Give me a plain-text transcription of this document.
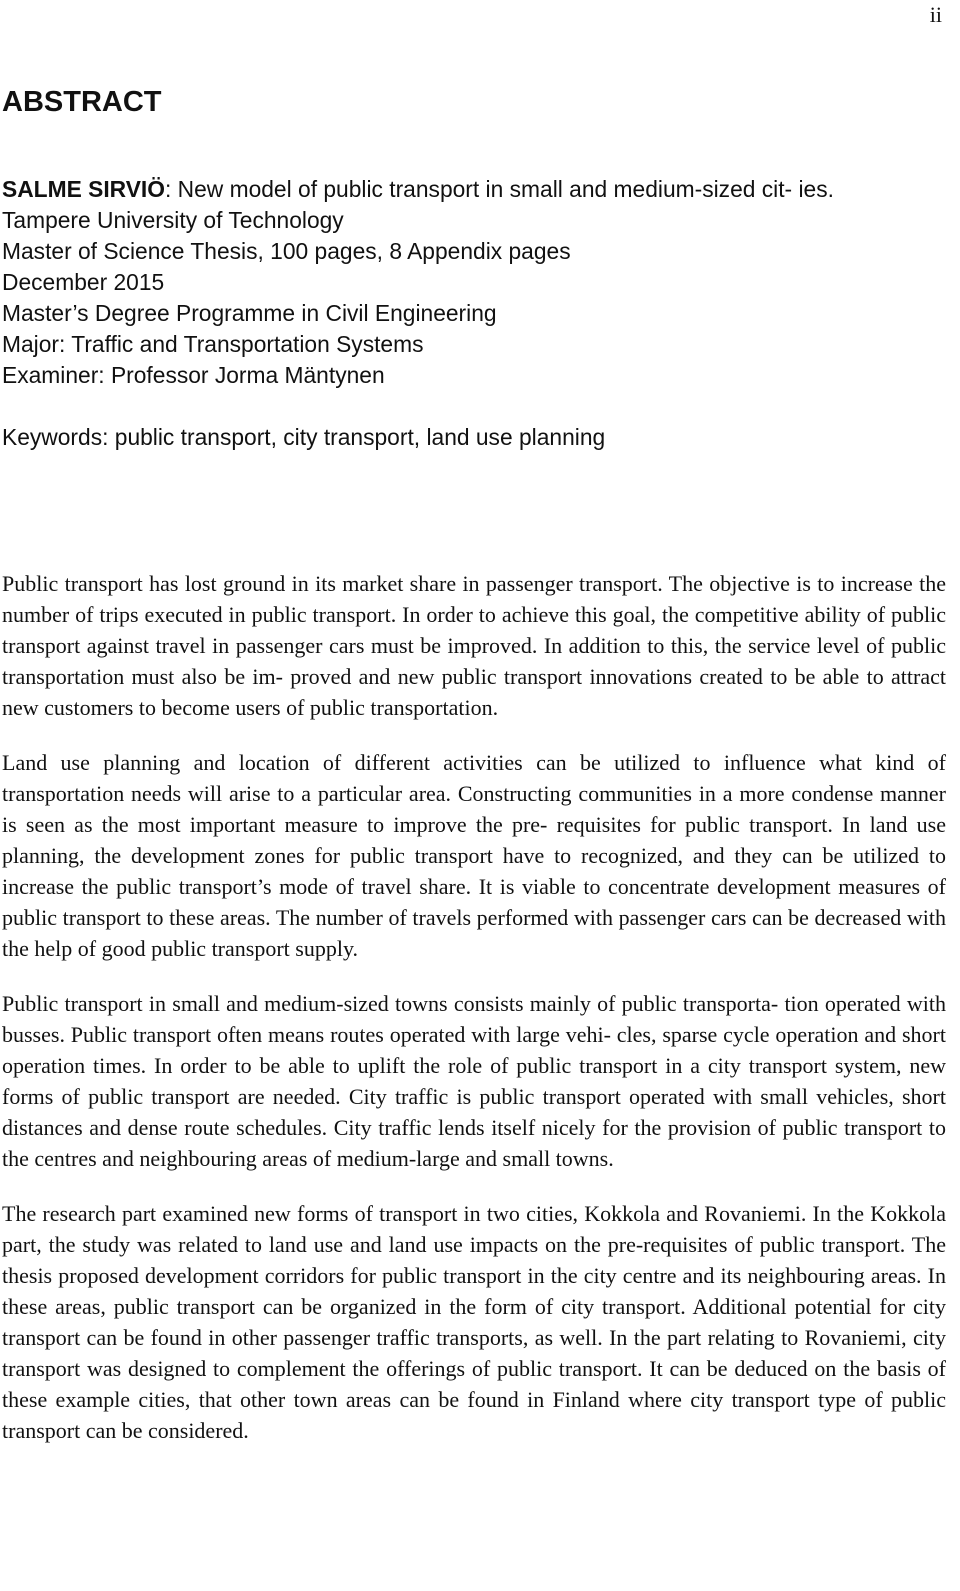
ii
ABSTRACT
SALME SIRVIÖ: New model of public transport in small and medium-sized cit- ies.
Tampere University of Technology
Master of Science Thesis, 100 pages, 8 Appendix pages
December 2015
Master’s Degree Programme in Civil Engineering
Major: Traffic and Transportation Systems
Examiner: Professor Jorma Mäntynen
Keywords: public transport, city transport, land use planning

Public transport has lost ground in its market share in passenger transport. The objective is to increase the number of trips executed in public transport. In order to achieve this goal, the competitive ability of public transport against travel in passenger cars must be improved. In addition to this, the service level of public transportation must also be im- proved and new public transport innovations created to be able to attract new customers to become users of public transportation.

Land use planning and location of different activities can be utilized to influence what kind of transportation needs will arise to a particular area. Constructing communities in a more condense manner is seen as the most important measure to improve the pre- requisites for public transport. In land use planning, the development zones for public transport have to recognized, and they can be utilized to increase the public transport’s mode of travel share. It is viable to concentrate development measures of public transport to these areas. The number of travels performed with passenger cars can be decreased with the help of good public transport supply.

Public transport in small and medium-sized towns consists mainly of public transporta- tion operated with busses. Public transport often means routes operated with large vehi- cles, sparse cycle operation and short operation times. In order to be able to uplift the role of public transport in a city transport system, new forms of public transport are needed. City traffic is public transport operated with small vehicles, short distances and dense route schedules. City traffic lends itself nicely for the provision of public transport to the centres and neighbouring areas of medium-large and small towns.

The research part examined new forms of transport in two cities, Kokkola and Rovaniemi. In the Kokkola part, the study was related to land use and land use impacts on the pre-requisites of public transport. The thesis proposed development corridors for public transport in the city centre and its neighbouring areas. In these areas, public transport can be organized in the form of city transport. Additional potential for city transport can be found in other passenger traffic transports, as well. In the part relating to Rovaniemi, city transport was designed to complement the offerings of public transport. It can be deduced on the basis of these example cities, that other town areas can be found in Finland where city transport type of public transport can be considered.
